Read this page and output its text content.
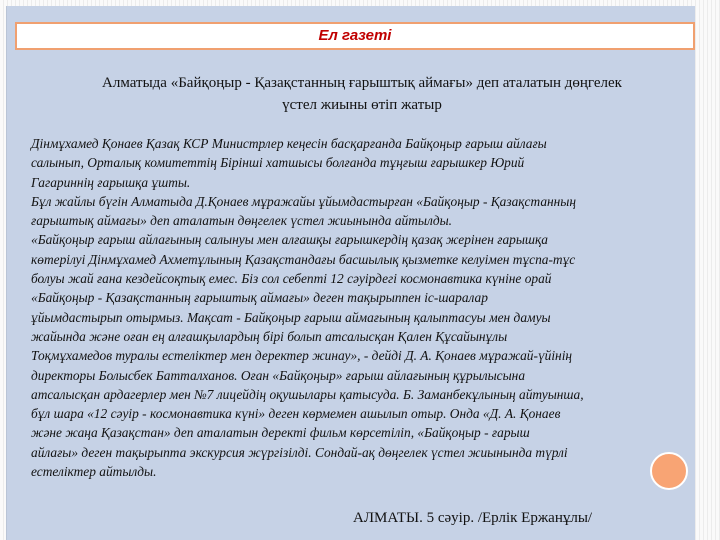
Ел газеті
Алматыда «Байқоңыр - Қазақстанның ғарыштық аймағы» деп аталатын дөңгелек
үстел жиыны өтіп жатыр

Дінмұхамед Қонаев Қазақ КСР Министрлер кеңесін басқарғанда Байқоңыр ғарыш айлағы

салынып, Орталық комитеттің Бірінші хатшысы болғанда тұңғыш ғарышкер Юрий

Гагариннің ғарышқа ұшты.

Бұл жайлы бүгін Алматыда Д.Қонаев мұражайы ұйымдастырған «Байқоңыр - Қазақстанның

ғарыштық аймағы» деп аталатын дөңгелек үстел жиынында айтылды.

«Байқоңыр ғарыш айлағының салынуы мен алғашқы ғарышкердің қазақ жерінен ғарышқа

көтерілуі Дінмұхамед Ахметұлының Қазақстандағы басшылық қызметке келуімен тұспа-тұс

болуы жай ғана кездейсоқтық емес. Біз сол себепті 12 сәуірдегі космонавтика күніне орай

«Байқоңыр - Қазақстанның ғарыштық аймағы» деген тақырыппен іс-шаралар

ұйымдастырып отырмыз. Мақсат - Байқоңыр ғарыш аймағының қалыптасуы мен дамуы

жайында және оған ең алғашқылардың бірі болып атсалысқан Қален Құсайынұлы

Тоқмұхамедов туралы естеліктер мен деректер жинау», - дейді Д. А. Қонаев мұражай-үйінің

директоры Болысбек Батталханов. Оған «Байқоңыр» ғарыш айлағының құрылысына

атсалысқан ардагерлер мен №7 лицейдің оқушылары қатысуда. Б. Заманбекұлының айтуынша,

бұл шара «12 сәуір - космонавтика күні» деген көрмемен ашылып отыр. Онда «Д. А. Қонаев

және жаңа Қазақстан» деп аталатын деректі фильм көрсетіліп, «Байқоңыр - ғарыш

айлағы» деген тақырыпта экскурсия жүргізілді. Сондай-ақ дөңгелек үстел жиынында түрлі

естеліктер айтылды.

АЛМАТЫ. 5 сәуір. /Ерлік Ержанұлы/
